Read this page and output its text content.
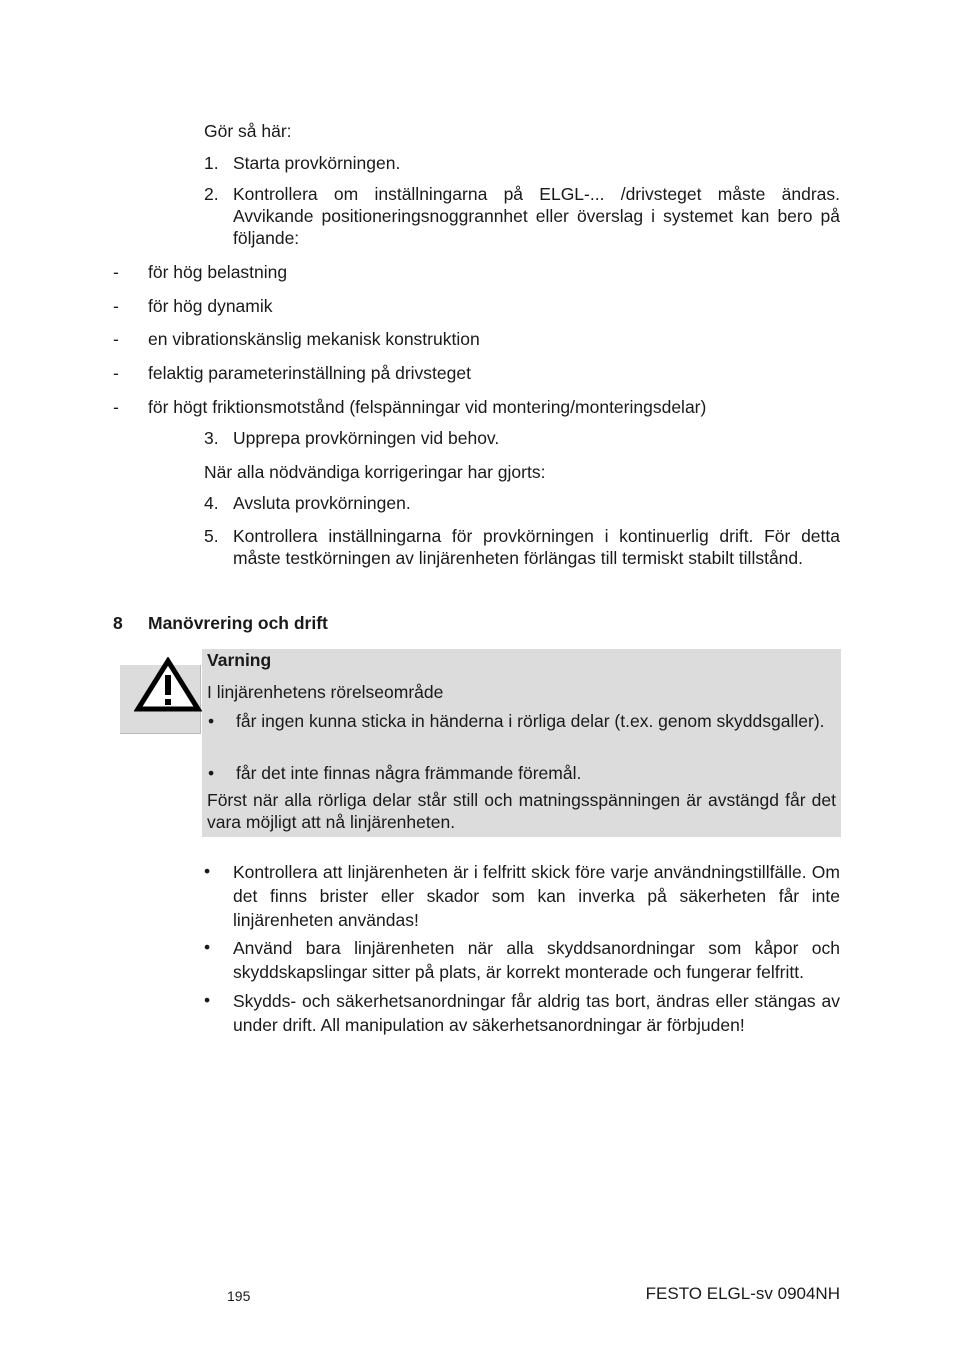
Gör så här:
1. Starta provkörningen.
2. Kontrollera om inställningarna på ELGL-... /drivsteget måste ändras. Avvikande positioneringsnoggrannhet eller överslag i systemet kan bero på följande:
- för hög belastning
- för hög dynamik
- en vibrationskänslig mekanisk konstruktion
- felaktig parameterinställning på drivsteget
- för högt friktionsmotstånd (felspänningar vid montering/monteringsdelar)
3. Upprepa provkörningen vid behov.
När alla nödvändiga korrigeringar har gjorts:
4. Avsluta provkörningen.
5. Kontrollera inställningarna för provkörningen i kontinuerlig drift. För detta måste testkörningen av linjärenheten förlängas till termiskt stabilt tillstånd.
8 Manövrering och drift
Varning
I linjärenhetens rörelseområde
• får ingen kunna sticka in händerna i rörliga delar (t.ex. genom skyddsgaller).
• får det inte finnas några främmande föremål.
Först när alla rörliga delar står still och matningsspänningen är avstängd får det vara möjligt att nå linjärenheten.
• Kontrollera att linjärenheten är i felfritt skick före varje användningstillfälle. Om det finns brister eller skador som kan inverka på säkerheten får inte linjärenheten användas!
• Använd bara linjärenheten när alla skyddsanordningar som kåpor och skyddskapslingar sitter på plats, är korrekt monterade och fungerar felfritt.
• Skydds- och säkerhetsanordningar får aldrig tas bort, ändras eller stängas av under drift. All manipulation av säkerhetsanordningar är förbjuden!
195	FESTO ELGL-sv 0904NH
